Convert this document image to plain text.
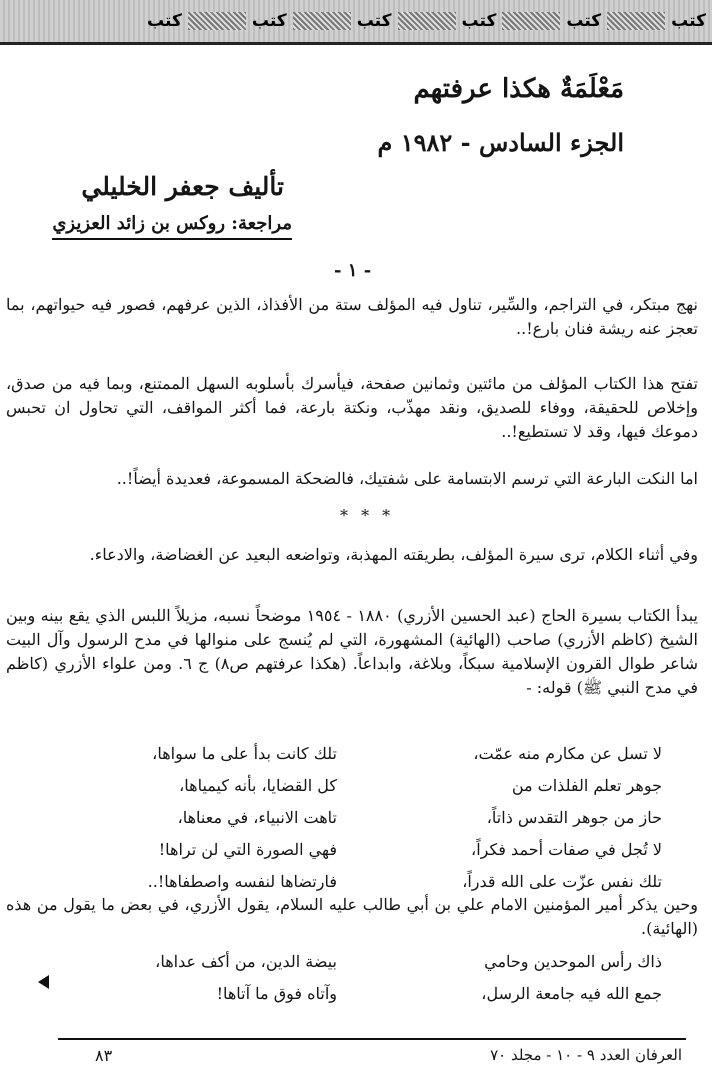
كتب
كتب
كتب
كتب
كتب
كتب
مَعْلَمَةٌ هكذا عرفتهم
الجزء السادس - ١٩٨٢ م
تأليف جعفر الخليلي
مراجعة: روكس بن زائد العزيزي
- ١ -
نهج مبتكر، في التراجم، والسِّير، تناول فيه المؤلف ستة من الأفذاذ، الذين عرفهم، فصور فيه حيواتهم، بما تعجز عنه ريشة فنان بارع!..
تفتح هذا الكتاب المؤلف من مائتين وثمانين صفحة، فيأسرك بأسلوبه السهل الممتنع، وبما فيه من صدق، وإخلاص للحقيقة، ووفاء للصديق، ونقد مهذّب، ونكتة بارعة، فما أكثر المواقف، التي تحاول ان تحبس دموعك فيها، وقد لا تستطيع!..
اما النكت البارعة التي ترسم الابتسامة على شفتيك، فالضحكة المسموعة، فعديدة أيضاً!..
* * *
وفي أثناء الكلام، ترى سيرة المؤلف، بطريقته المهذبة، وتواضعه البعيد عن الغضاضة، والادعاء.
يبدأ الكتاب بسيرة الحاج (عبد الحسين الأزري) ١٨٨٠ - ١٩٥٤ موضحاً نسبه، مزيلاً اللبس الذي يقع بينه وبين الشيخ (كاظم الأزري) صاحب (الهائية) المشهورة، التي لم يُنسج على منوالها في مدح الرسول وآل البيت شاعر طوال القرون الإسلامية سبكاً، وبلاغة، وابداعاً. (هكذا عرفتهم ص٨) ج ٦. ومن علواء الأزري (كاظم في مدح النبي ﷺ) قوله: -
لا تسل عن مكارم منه عمّت،
تلك كانت بدأ على ما سواها،
جوهر تعلم الفلذات من
كل القضايا، بأنه كيمياها،
حاز من جوهر التقدس ذاتاً،
تاهت الانبياء، في معناها،
لا تُجل في صفات أحمد فكراً،
فهي الصورة التي لن تراها!
تلك نفس عزّت على الله قدراً،
فارتضاها لنفسه واصطفاها!..
وحين يذكر أمير المؤمنين الامام علي بن أبي طالب عليه السلام، يقول الأزري، في بعض ما يقول من هذه (الهائية).
ذاك رأس الموحدين وحامي
بيضة الدين، من أكف عداها،
جمع الله فيه جامعة الرسل،
وآتاه فوق ما آتاها!
العرفان العدد ٩ - ١٠ - مجلد ٧٠
٨٣
